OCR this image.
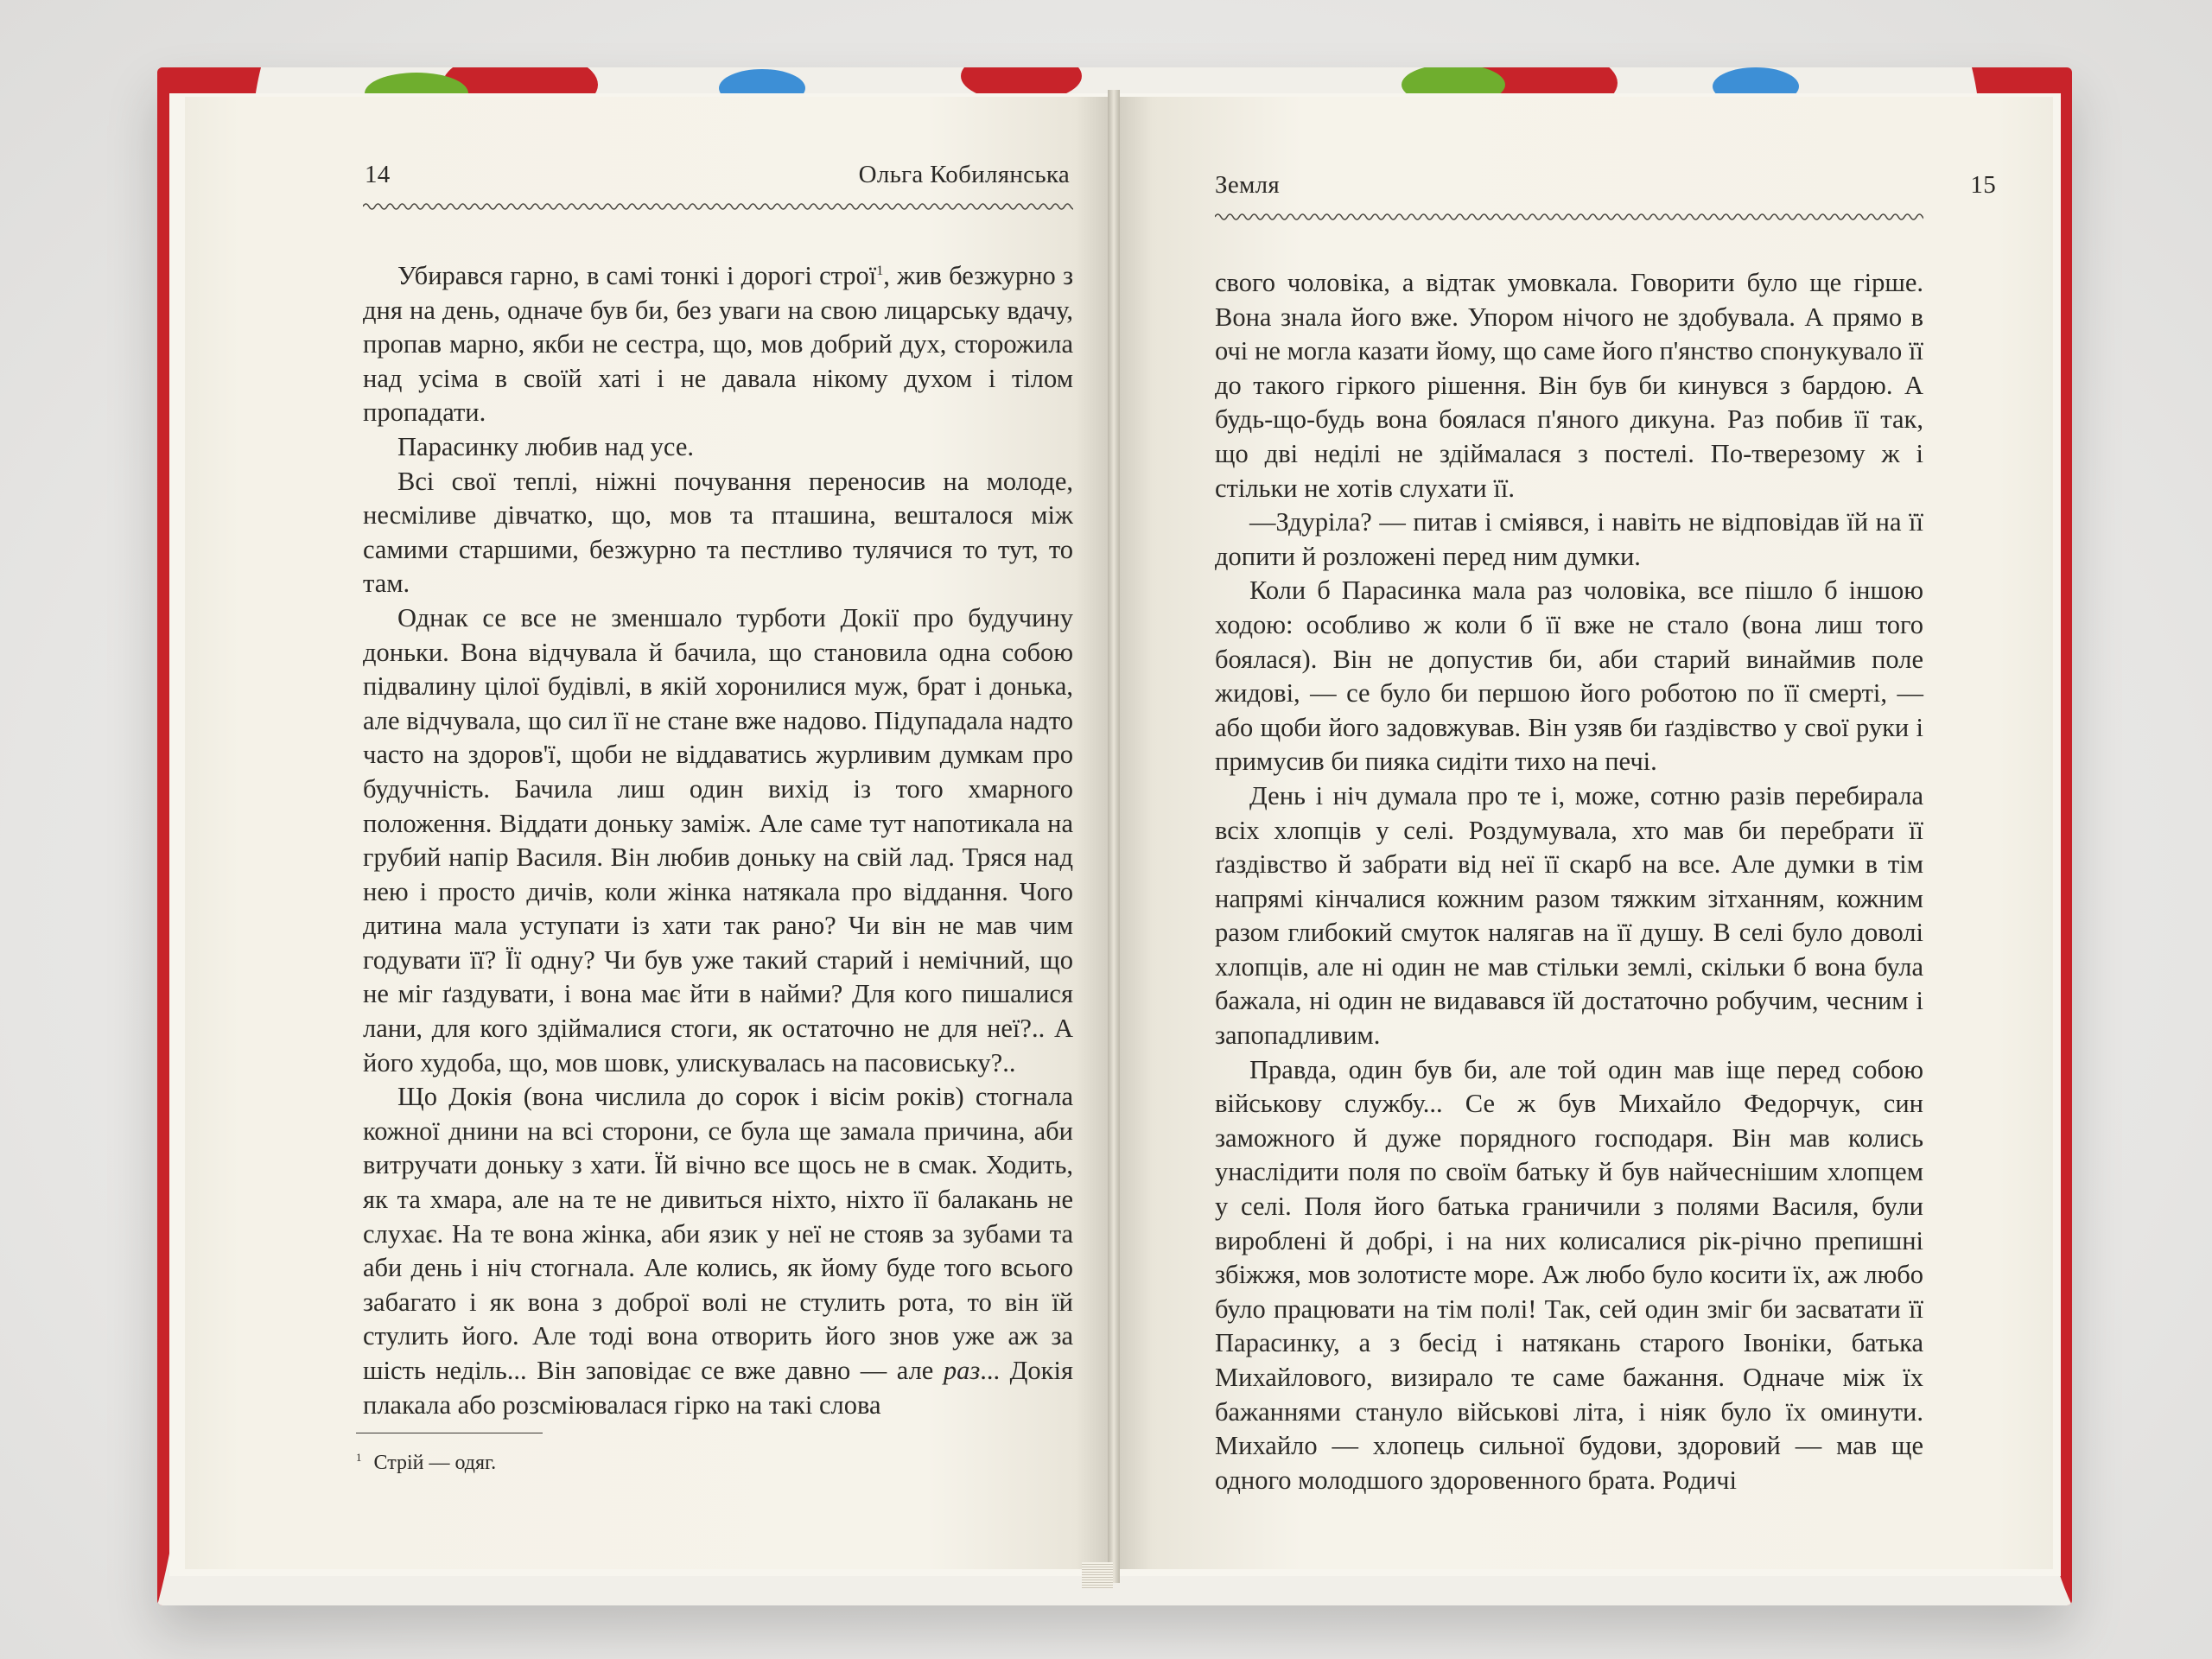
14	Ольга Кобилянська

Убирався гарно, в самі тонкі і дорогі строї$^1$, жив безжурно з дня на день, одначе був би, без уваги на свою лицарську вдачу, пропав марно, якби не сестра, що, мов добрий дух, сторожила над усіма в своїй хаті і не давала нікому духом і тілом пропадати.

Парасинку любив над усе.

Всі свої теплі, ніжні почування переносив на молоде, несміливе дівчатко, що, мов та пташина, вешталося між самими старшими, безжурно та пестливо тулячися то тут, то там.

Однак се все не зменшало турботи Докії про будучину доньки. Вона відчувала й бачила, що становила одна собою підвалину цілої будівлі, в якій хоронилися муж, брат і донька, але відчувала, що сил її не стане вже надово. Підупадала надто часто на здоров'ї, щоби не віддаватись журливим думкам про будучність. Бачила лиш один вихід із того хмарного положення. Віддати доньку заміж. Але саме тут напотикала на грубий напір Василя. Він любив доньку на свій лад. Тряся над нею і просто дичів, коли жінка натякала про віддання. Чого дитина мала уступати із хати так рано? Чи він не мав чим годувати її? Її одну? Чи був уже такий старий і немічний, що не міг ґаздувати, і вона має йти в найми? Для кого пишалися лани, для кого здіймалися стоги, як остаточно не для неї?.. А його худоба, що, мов шовк, улискувалась на пасовиську?..

Що Докія (вона числила до сорок і вісім років) стогнала кожної днини на всі сторони, се була ще замала причина, аби витручати доньку з хати. Їй вічно все щось не в смак. Ходить, як та хмара, але на те не дивиться ніхто, ніхто її балакань не слухає. На те вона жінка, аби язик у неї не стояв за зубами та аби день і ніч стогнала. Але колись, як йому буде того всього забагато і як вона з доброї волі не стулить рота, то він їй стулить його. Але тоді вона отворить його знов уже аж за шість неділь... Він заповідає се вже давно — але раз... Докія плакала або розсміювалася гірко на такі слова

$^1$ Стрій — одяг.
Земля	15

свого чоловіка, а відтак умовкала. Говорити було ще гірше. Вона знала його вже. Упором нічого не здобувала. А прямо в очі не могла казати йому, що саме його п'янство спонукувало її до такого гіркого рішення. Він був би кинувся з бардою. А будь-що-будь вона боялася п'яного дикуна. Раз побив її так, що дві неділі не здіймалася з постелі. По-тверезому ж і стільки не хотів слухати її.

—Здуріла? — питав і сміявся, і навіть не відповідав їй на її допити й розложені перед ним думки.

Коли б Парасинка мала раз чоловіка, все пішло б іншою ходою: особливо ж коли б її вже не стало (вона лиш того боялася). Він не допустив би, аби старий винаймив поле жидові, — се було би першою його роботою по її смерті, — або щоби його задовжував. Він узяв би ґаздівство у свої руки і примусив би пияка сидіти тихо на печі.

День і ніч думала про те і, може, сотню разів перебирала всіх хлопців у селі. Роздумувала, хто мав би перебрати її ґаздівство й забрати від неї її скарб на все. Але думки в тім напрямі кінчалися кожним разом тяжким зітханням, кожним разом глибокий смуток налягав на її душу. В селі було доволі хлопців, але ні один не мав стільки землі, скільки б вона була бажала, ні один не видавався їй достаточно робучим, чесним і запопадливим.

Правда, один був би, але той один мав іще перед собою військову службу... Се ж був Михайло Федорчук, син заможного й дуже порядного господаря. Він мав колись унаслідити поля по своїм батьку й був найчеснішим хлопцем у селі. Поля його батька граничили з полями Василя, були вироблені й добрі, і на них колисалися рік-річно препишні збіжжя, мов золотисте море. Аж любо було косити їх, аж любо було працювати на тім полі! Так, сей один зміг би засватати її Парасинку, а з бесід і натякань старого Івоніки, батька Михайлового, визирало те саме бажання. Одначе між їх бажаннями стануло військові літа, і ніяк було їх оминути. Михайло — хлопець сильної будови, здоровий — мав ще одного молодшого здоровенного брата. Родичі
